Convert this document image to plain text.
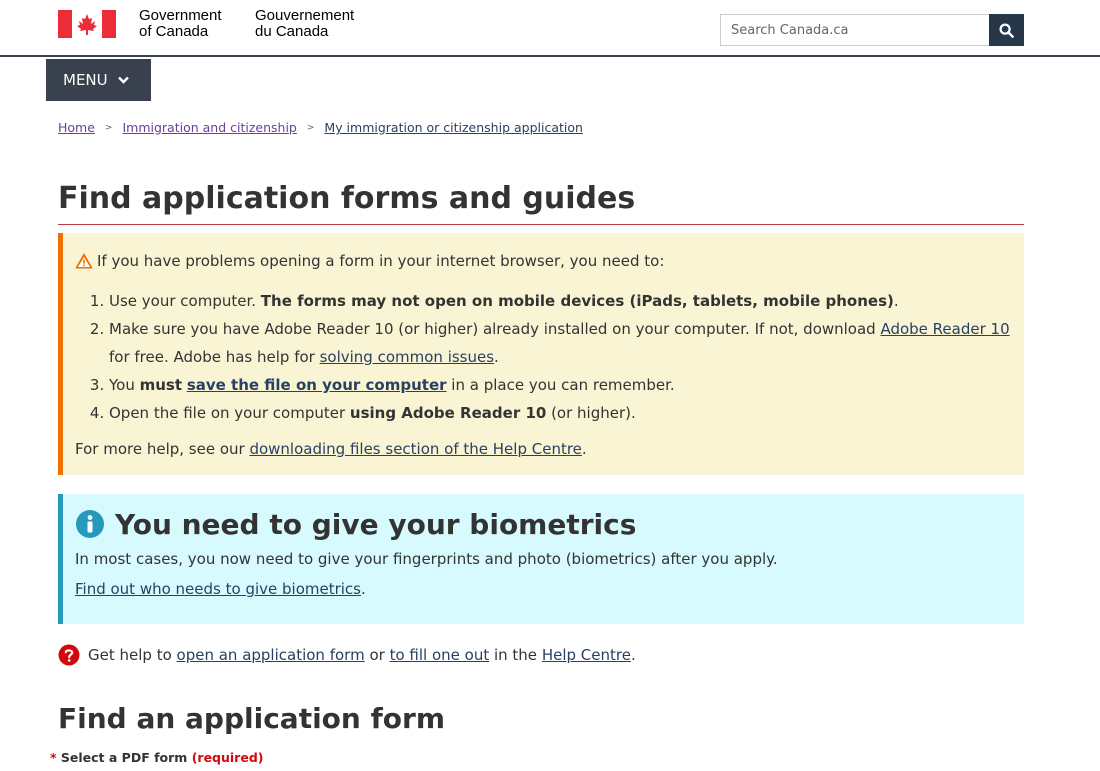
Government
of Canada
Gouvernement
du Canada
Search Canada.ca
MENU
Home > Immigration and citizenship > My immigration or citizenship application
Find application forms and guides
If you have problems opening a form in your internet browser, you need to:
1. Use your computer. The forms may not open on mobile devices (iPads, tablets, mobile phones).
2. Make sure you have Adobe Reader 10 (or higher) already installed on your computer. If not, download Adobe Reader 10 for free. Adobe has help for solving common issues.
3. You must save the file on your computer in a place you can remember.
4. Open the file on your computer using Adobe Reader 10 (or higher).
For more help, see our downloading files section of the Help Centre.
You need to give your biometrics

In most cases, you now need to give your fingerprints and photo (biometrics) after you apply.

Find out who needs to give biometrics.

Get help to open an application form or to fill one out in the Help Centre.
Find an application form
* Select a PDF form (required)
